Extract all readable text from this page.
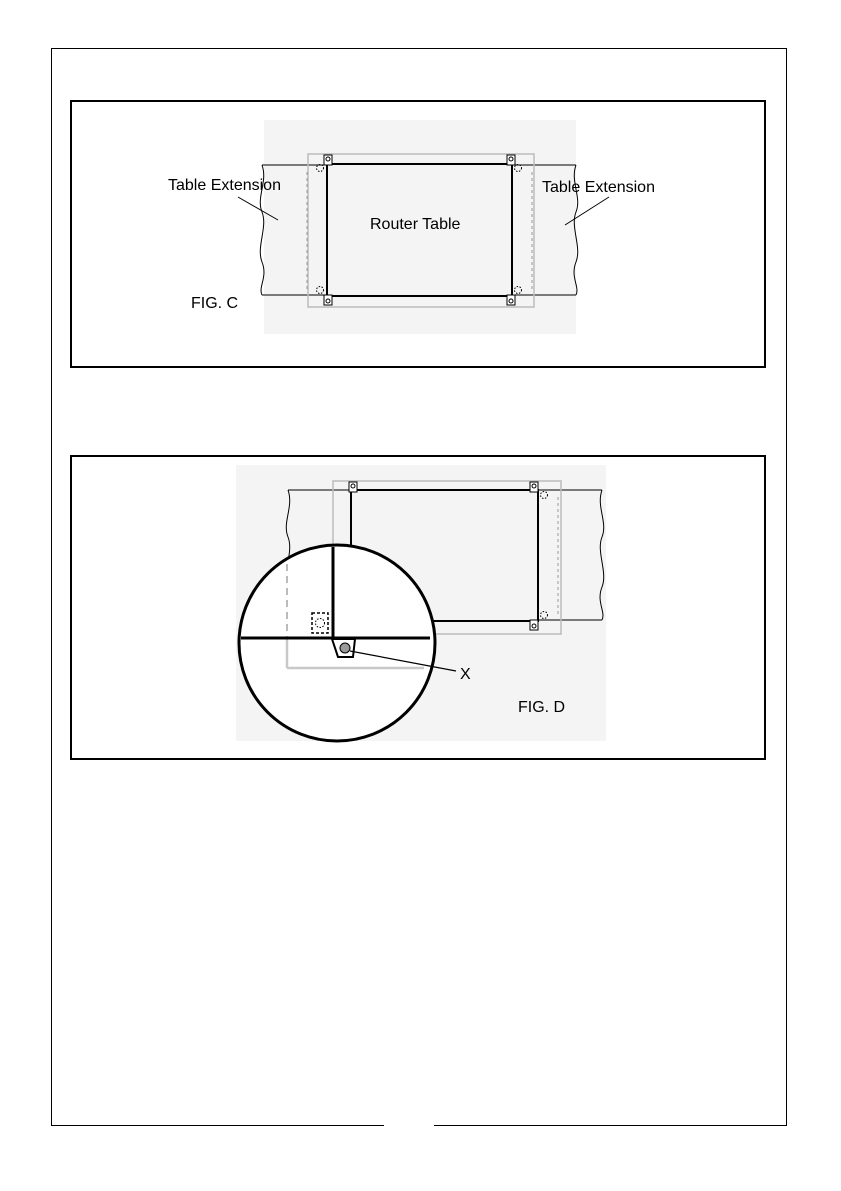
Table Extension	Table Extension
Router Table
FIG. C
X
FIG. D
